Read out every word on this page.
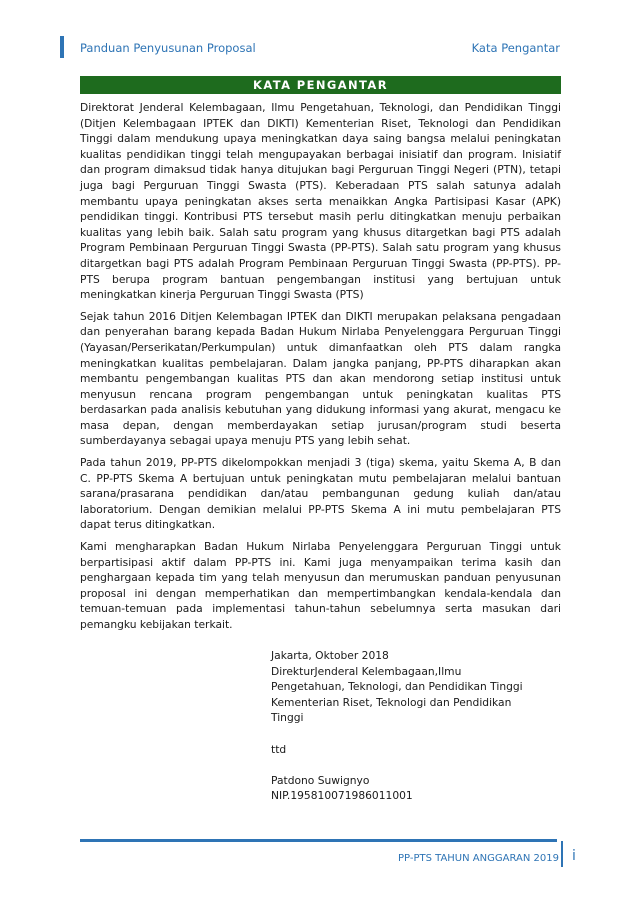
Panduan Penyusunan Proposal	Kata Pengantar
KATA PENGANTAR

Direktorat Jenderal Kelembagaan, Ilmu Pengetahuan, Teknologi, dan Pendidikan Tinggi (Ditjen Kelembagaan IPTEK dan DIKTI) Kementerian Riset, Teknologi dan Pendidikan Tinggi dalam mendukung upaya meningkatkan daya saing bangsa melalui peningkatan kualitas pendidikan tinggi telah mengupayakan berbagai inisiatif dan program. Inisiatif dan program dimaksud tidak hanya ditujukan bagi Perguruan Tinggi Negeri (PTN), tetapi juga bagi Perguruan Tinggi Swasta (PTS). Keberadaan PTS salah satunya adalah membantu upaya peningkatan akses serta menaikkan Angka Partisipasi Kasar (APK) pendidikan tinggi. Kontribusi PTS tersebut masih perlu ditingkatkan menuju perbaikan kualitas yang lebih baik. Salah satu program yang khusus ditargetkan bagi PTS adalah Program Pembinaan Perguruan Tinggi Swasta (PP-PTS). Salah satu program yang khusus ditargetkan bagi PTS adalah Program Pembinaan Perguruan Tinggi Swasta (PP-PTS). PP-PTS berupa program bantuan pengembangan institusi yang bertujuan untuk meningkatkan kinerja Perguruan Tinggi Swasta (PTS)

Sejak tahun 2016 Ditjen Kelembagan IPTEK dan DIKTI merupakan pelaksana pengadaan dan penyerahan barang kepada Badan Hukum Nirlaba Penyelenggara Perguruan Tinggi (Yayasan/Perserikatan/Perkumpulan) untuk dimanfaatkan oleh PTS dalam rangka meningkatkan kualitas pembelajaran. Dalam jangka panjang, PP-PTS diharapkan akan membantu pengembangan kualitas PTS dan akan mendorong setiap institusi untuk menyusun rencana program pengembangan untuk peningkatan kualitas PTS berdasarkan pada analisis kebutuhan yang didukung informasi yang akurat, mengacu ke masa depan, dengan memberdayakan setiap jurusan/program studi beserta sumberdayanya sebagai upaya menuju PTS yang lebih sehat.

Pada tahun 2019, PP-PTS dikelompokkan menjadi 3 (tiga) skema, yaitu Skema A, B dan C. PP-PTS Skema A bertujuan untuk peningkatan mutu pembelajaran melalui bantuan sarana/prasarana pendidikan dan/atau pembangunan gedung kuliah dan/atau laboratorium. Dengan demikian melalui PP-PTS Skema A ini mutu pembelajaran PTS dapat terus ditingkatkan.

Kami mengharapkan Badan Hukum Nirlaba Penyelenggara Perguruan Tinggi untuk berpartisipasi aktif dalam PP-PTS ini. Kami juga menyampaikan terima kasih dan penghargaan kepada tim yang telah menyusun dan merumuskan panduan penyusunan proposal ini dengan memperhatikan dan mempertimbangkan kendala-kendala dan temuan-temuan pada implementasi tahun-tahun sebelumnya serta masukan dari pemangku kebijakan terkait.

Jakarta, Oktober 2018
DirekturJenderal Kelembagaan,Ilmu
Pengetahuan, Teknologi, dan Pendidikan Tinggi
Kementerian Riset, Teknologi dan Pendidikan
Tinggi
ttd
Patdono Suwignyo
NIP.195810071986011001
PP-PTS TAHUN ANGGARAN 2019 i
